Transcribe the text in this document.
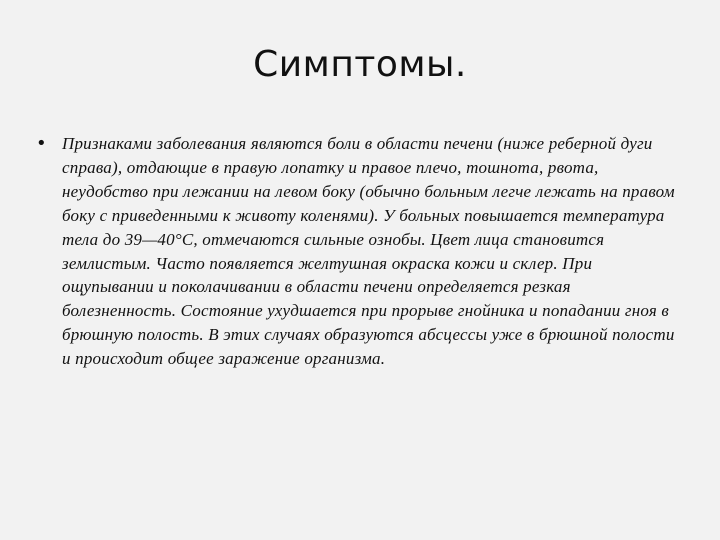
Симптомы.
• Признаками заболевания являются боли в области печени (ниже реберной дуги справа), отдающие в правую лопатку и правое плечо, тошнота, рвота, неудобство при лежании на левом боку (обычно больным легче лежать на правом боку с приведенными к животу коленями). У больных повышается температура тела до 39—40°С, отмечаются сильные ознобы. Цвет лица становится землистым. Часто появляется желтушная окраска кожи и склер. При ощупывании и поколачивании в области печени определяется резкая болезненность. Состояние ухудшается при прорыве гнойника и попадании гноя в брюшную полость. В этих случаях образуются абсцессы уже в брюшной полости и происходит общее заражение организма.
